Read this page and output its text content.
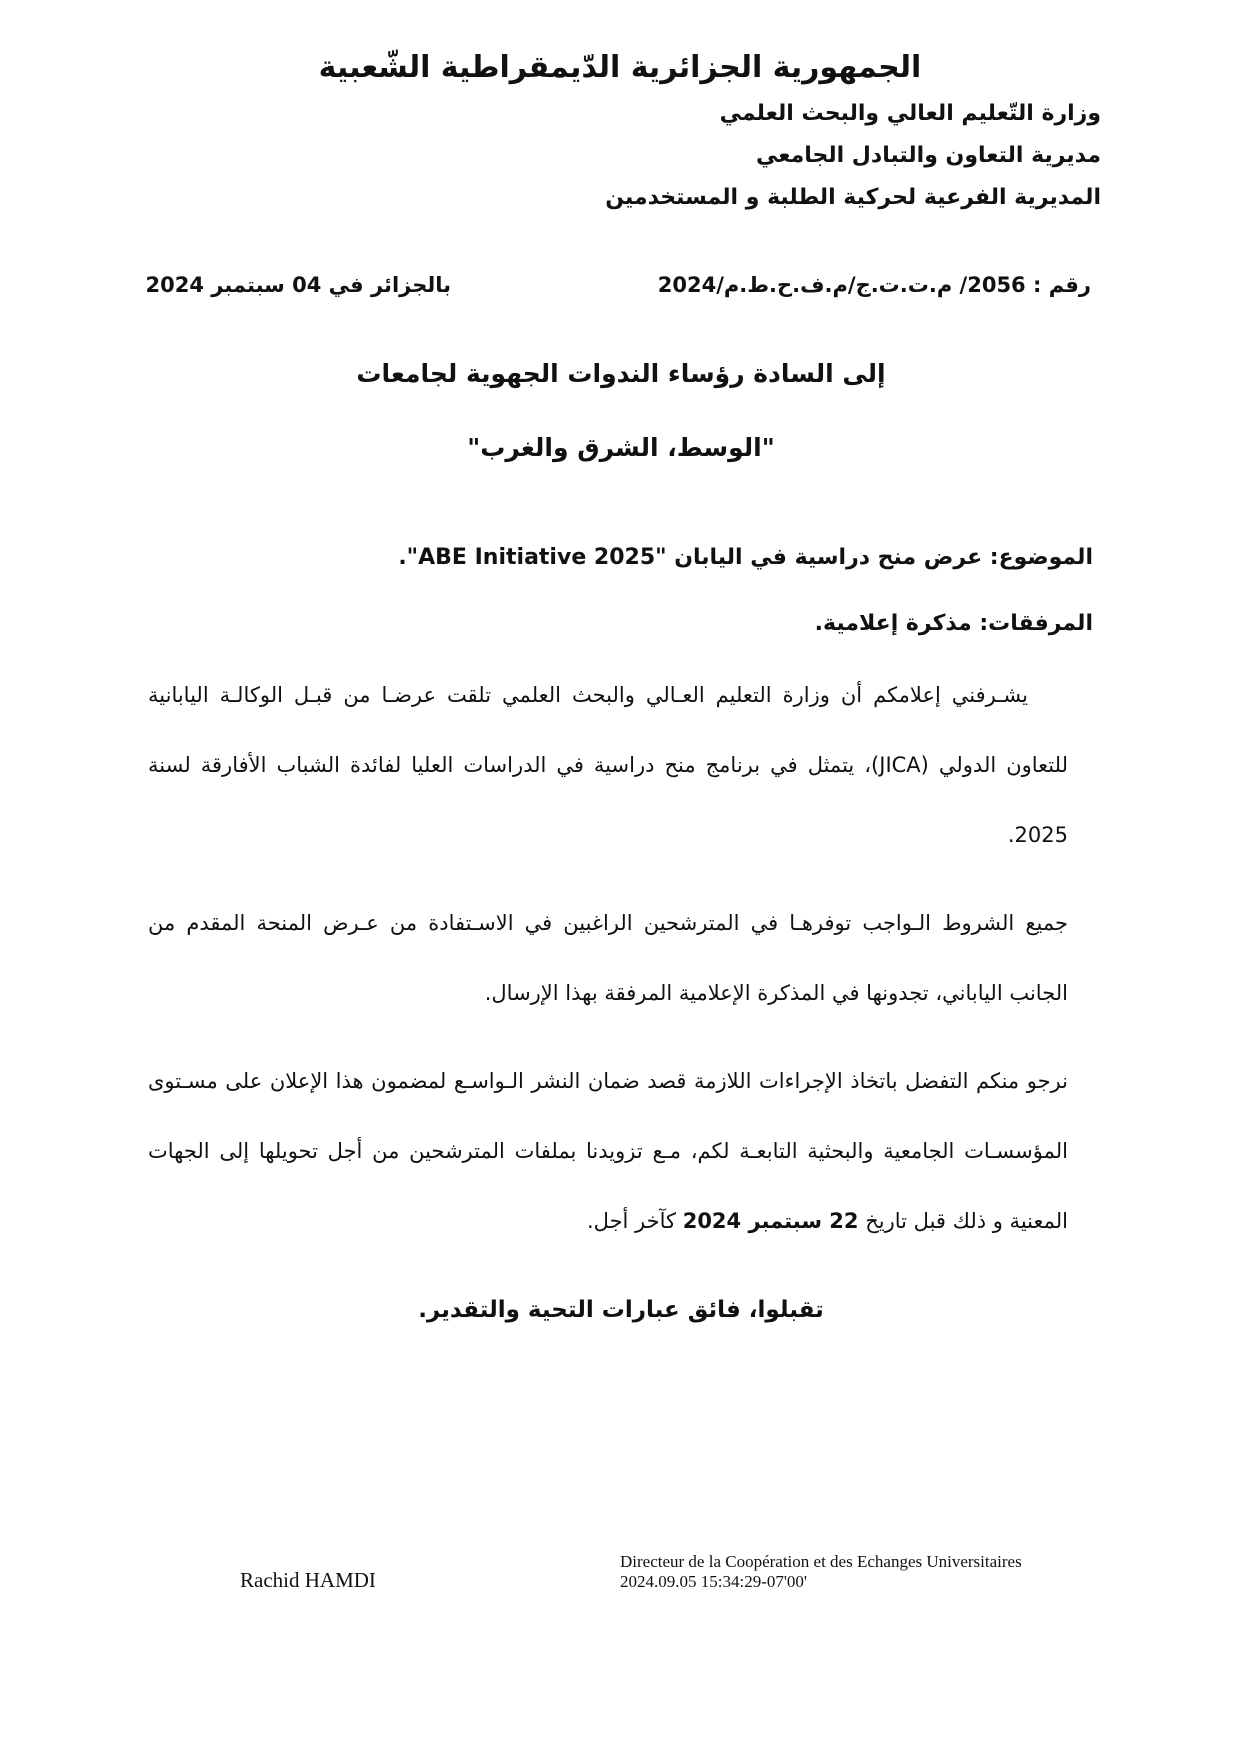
الجمهورية الجزائرية الدّيمقراطية الشّعبية
وزارة التّعليم العالي والبحث العلمي
مديرية التعاون والتبادل الجامعي
المديرية الفرعية لحركية الطلبة و المستخدمين
رقم : 2056/ م.ت.ت.ج/م.ف.ح.ط.م/2024
بالجزائر في 04 سبتمبر 2024
إلى السادة رؤساء الندوات الجهوية لجامعات
"الوسط، الشرق والغرب"
الموضوع: عرض منح دراسية في اليابان "ABE Initiative 2025".
المرفقات: مذكرة إعلامية.
يشـرفني إعلامكم أن وزارة التعليم العـالي والبحث العلمي تلقت عرضـا من قبـل الوكالـة اليابانية للتعاون الدولي (JICA)، يتمثل في برنامج منح دراسية في الدراسات العليا لفائدة الشباب الأفارقة لسنة 2025.
جميع الشروط الـواجب توفرهـا في المترشحين الراغبين في الاسـتفادة من عـرض المنحة المقدم من الجانب الياباني، تجدونها في المذكرة الإعلامية المرفقة بهذا الإرسال.
نرجو منكم التفضل باتخاذ الإجراءات اللازمة قصد ضمان النشر الـواسـع لمضمون هذا الإعلان على مسـتوى المؤسسـات الجامعية والبحثية التابعـة لكم، مـع تزويدنا بملفات المترشحين من أجل تحويلها إلى الجهات المعنية و ذلك قبل تاريخ 22 سبتمبر 2024 كآخر أجل.
تقبلوا، فائق عبارات التحية والتقدير.
Rachid HAMDI
Directeur de la Coopération et des Echanges Universitaires
2024.09.05 15:34:29-07'00'
